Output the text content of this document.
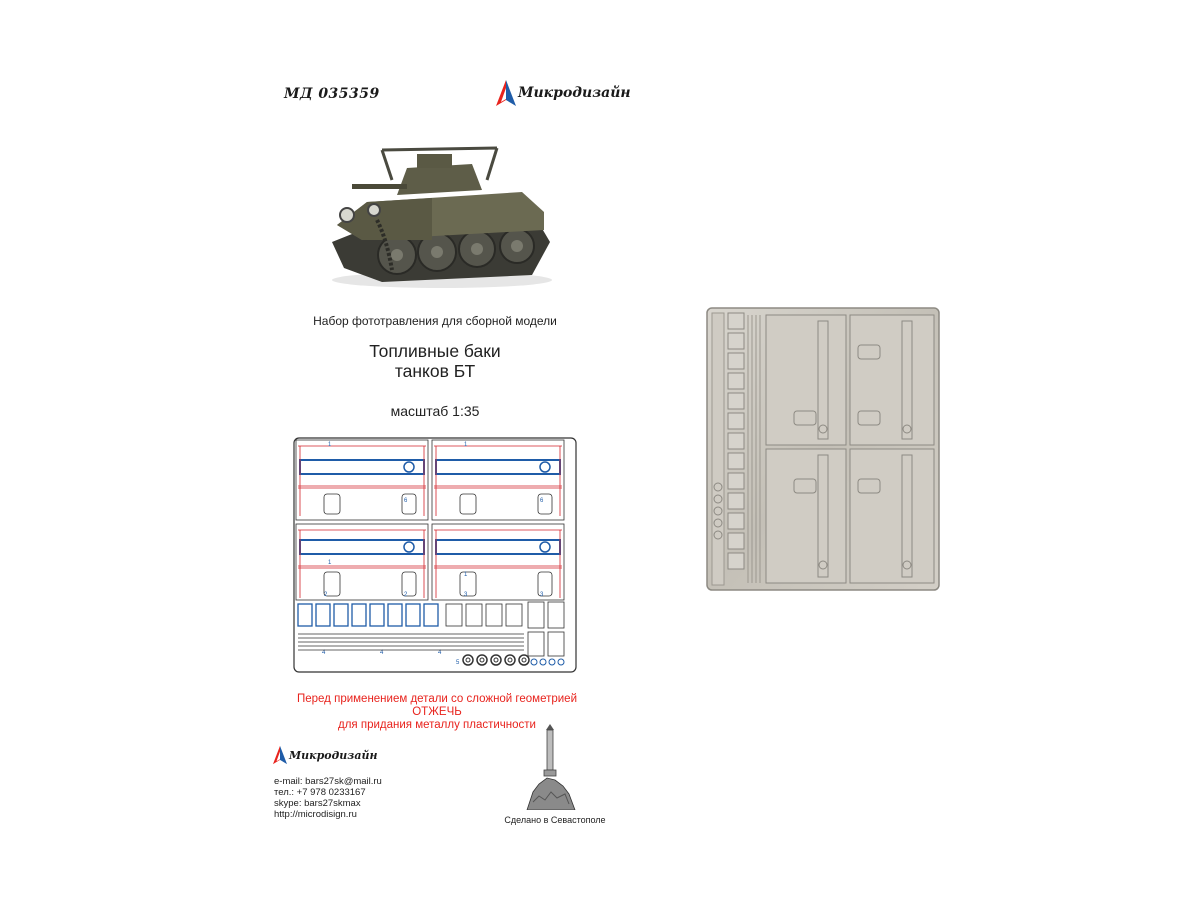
МД 035359	Микродизайн
Набор фототравления для сборной модели
Топливные баки
танков БТ
масштаб 1:35
1	1
6	6
1
1
2	2	3	3
4	4	4
5
Перед применением детали со сложной геометрией
ОТЖЕЧЬ
для придания металлу пластичности
Микродизайн
e-mail: bars27sk@mail.ru
тел.: +7 978 0233167
skype: bars27skmax
http://microdisign.ru	Сделано в Севастополе
